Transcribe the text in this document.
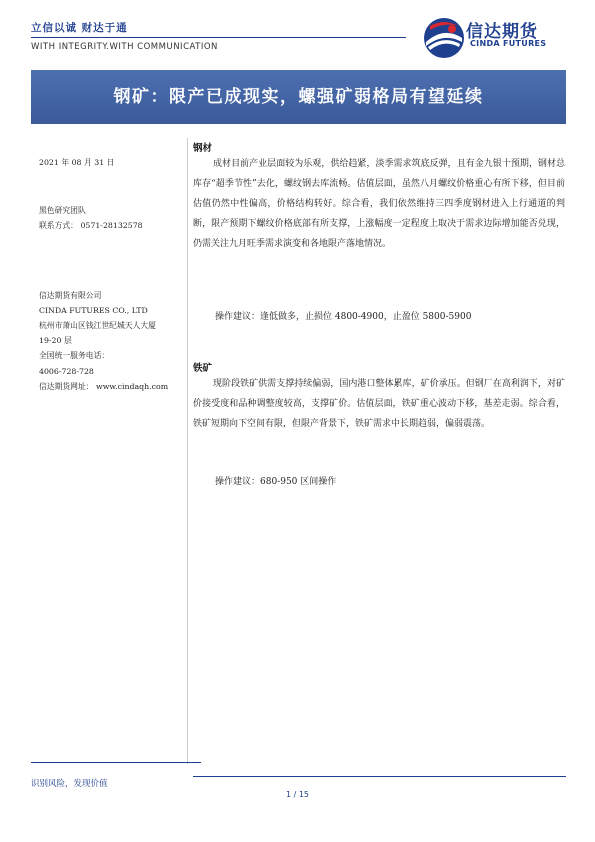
立信以诚 财达于通
WITH INTEGRITY.WITH COMMUNICATION
信达期货
CINDA FUTURES
钢矿：限产已成现实，螺强矿弱格局有望延续
2021 年 08 月 31 日
黑色研究团队
联系方式： 0571-28132578
信达期货有限公司
CINDA FUTURES CO., LTD
杭州市萧山区钱江世纪城天人大厦
19-20 层
全国统一服务电话：
4006-728-728
信达期货网址： www.cindaqh.com
钢材
成材目前产业层面较为乐观，供给趋紧，淡季需求筑底反弹，且有金九银十预期，钢材总库存“超季节性”去化，螺纹钢去库流畅。估值层面，虽然八月螺纹价格重心有所下移，但目前估值仍然中性偏高，价格结构转好。综合看，我们依然维持三四季度钢材进入上行通道的判断，限产预期下螺纹价格底部有所支撑，上涨幅度一定程度上取决于需求边际增加能否兑现，仍需关注九月旺季需求演变和各地限产落地情况。
操作建议：逢低做多，止损位 4800-4900，止盈位 5800-5900
铁矿
现阶段铁矿供需支撑持续偏弱，国内港口整体累库，矿价承压。但钢厂在高利润下，对矿价接受度和品种调整度较高，支撑矿价。估值层面，铁矿重心波动下移，基差走弱。综合看，铁矿短期向下空间有限，但限产背景下，铁矿需求中长期趋弱，偏弱震荡。
操作建议：680-950 区间操作
识别风险，发现价值
1 / 15
